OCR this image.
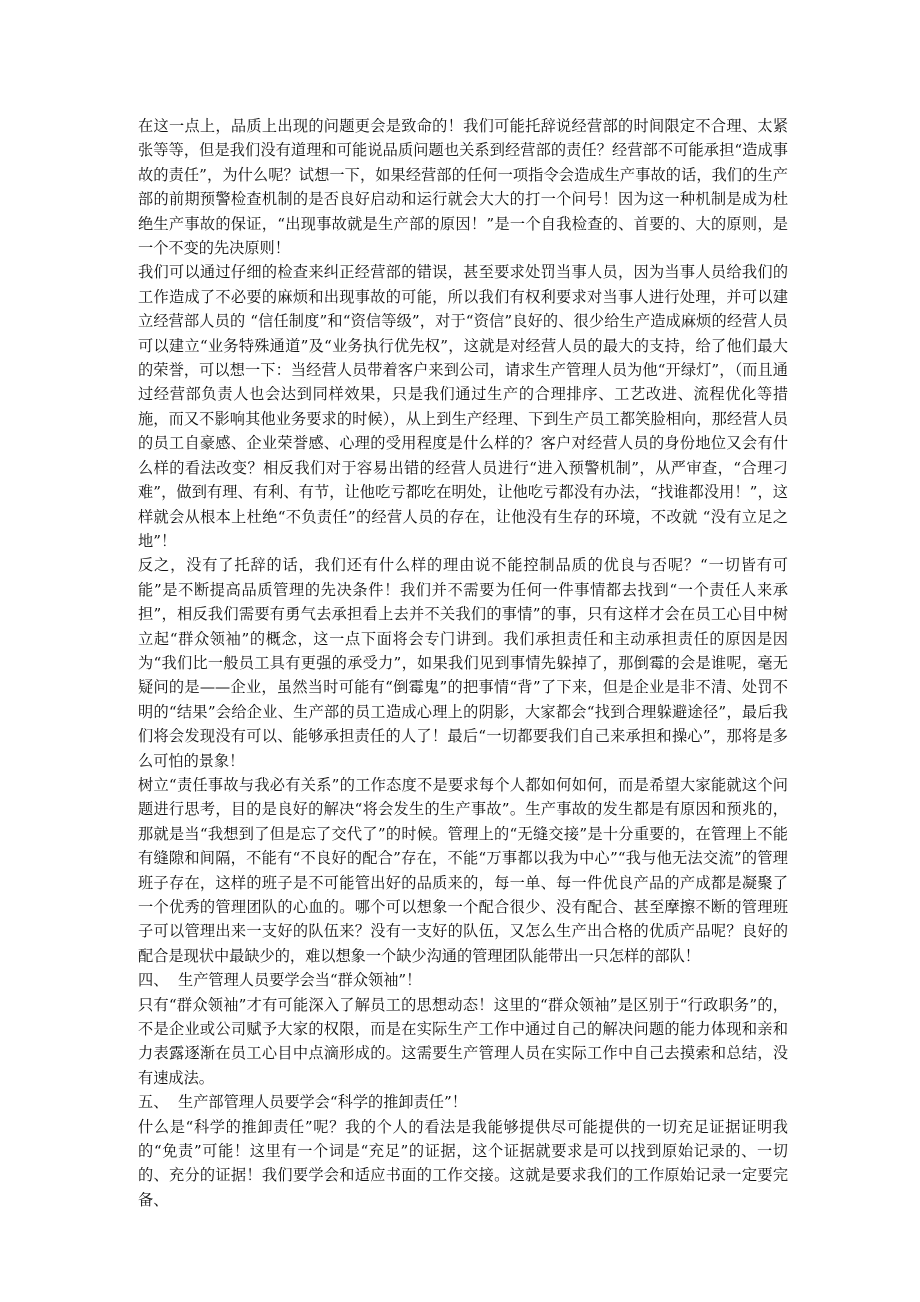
在这一点上，品质上出现的问题更会是致命的！我们可能托辞说经营部的时间限定不合理、太紧张等等，但是我们没有道理和可能说品质问题也关系到经营部的责任？经营部不可能承担“造成事故的责任”，为什么呢？试想一下，如果经营部的任何一项指令会造成生产事故的话，我们的生产部的前期预警检查机制的是否良好启动和运行就会大大的打一个问号！因为这一种机制是成为杜绝生产事故的保证，“出现事故就是生产部的原因！”是一个自我检查的、首要的、大的原则，是一个不变的先决原则！

我们可以通过仔细的检查来纠正经营部的错误，甚至要求处罚当事人员，因为当事人员给我们的工作造成了不必要的麻烦和出现事故的可能，所以我们有权利要求对当事人进行处理，并可以建立经营部人员的 “信任制度”和“资信等级”，对于“资信”良好的、很少给生产造成麻烦的经营人员可以建立“业务特殊通道”及“业务执行优先权”，这就是对经营人员的最大的支持，给了他们最大的荣誉，可以想一下：当经营人员带着客户来到公司，请求生产管理人员为他“开绿灯”，（而且通过经营部负责人也会达到同样效果，只是我们通过生产的合理排序、工艺改进、流程优化等措施，而又不影响其他业务要求的时候），从上到生产经理、下到生产员工都笑脸相向，那经营人员的员工自豪感、企业荣誉感、心理的受用程度是什么样的？客户对经营人员的身份地位又会有什么样的看法改变？相反我们对于容易出错的经营人员进行“进入预警机制”，从严审查，“合理刁难”，做到有理、有利、有节，让他吃亏都吃在明处，让他吃亏都没有办法，“找谁都没用！”，这样就会从根本上杜绝“不负责任”的经营人员的存在，让他没有生存的环境，不改就 “没有立足之地”！

反之，没有了托辞的话，我们还有什么样的理由说不能控制品质的优良与否呢？“一切皆有可能”是不断提高品质管理的先决条件！我们并不需要为任何一件事情都去找到“一个责任人来承担”，相反我们需要有勇气去承担看上去并不关我们的事情”的事，只有这样才会在员工心目中树立起“群众领袖”的概念，这一点下面将会专门讲到。我们承担责任和主动承担责任的原因是因为“我们比一般员工具有更强的承受力”，如果我们见到事情先躲掉了，那倒霉的会是谁呢，毫无疑问的是——企业，虽然当时可能有“倒霉鬼”的把事情“背”了下来，但是企业是非不清、处罚不明的“结果”会给企业、生产部的员工造成心理上的阴影，大家都会“找到合理躲避途径”，最后我们将会发现没有可以、能够承担责任的人了！最后“一切都要我们自己来承担和操心”，那将是多么可怕的景象！

树立“责任事故与我必有关系”的工作态度不是要求每个人都如何如何，而是希望大家能就这个问题进行思考，目的是良好的解决“将会发生的生产事故”。生产事故的发生都是有原因和预兆的，那就是当“我想到了但是忘了交代了”的时候。管理上的“无缝交接”是十分重要的，在管理上不能有缝隙和间隔，不能有“不良好的配合”存在，不能“万事都以我为中心”“我与他无法交流”的管理班子存在，这样的班子是不可能管出好的品质来的，每一单、每一件优良产品的产成都是凝聚了一个优秀的管理团队的心血的。哪个可以想象一个配合很少、没有配合、甚至摩擦不断的管理班子可以管理出来一支好的队伍来？没有一支好的队伍，又怎么生产出合格的优质产品呢？良好的配合是现状中最缺少的，难以想象一个缺少沟通的管理团队能带出一只怎样的部队！

四、  生产管理人员要学会当“群众领袖”！

只有“群众领袖”才有可能深入了解员工的思想动态！这里的“群众领袖”是区别于“行政职务”的，不是企业或公司赋予大家的权限，而是在实际生产工作中通过自己的解决问题的能力体现和亲和力表露逐渐在员工心目中点滴形成的。这需要生产管理人员在实际工作中自己去摸索和总结，没有速成法。

五、  生产部管理人员要学会“科学的推卸责任”！

什么是“科学的推卸责任”呢？我的个人的看法是我能够提供尽可能提供的一切充足证据证明我的“免责”可能！这里有一个词是“充足”的证据，这个证据就要求是可以找到原始记录的、一切的、充分的证据！我们要学会和适应书面的工作交接。这就是要求我们的工作原始记录一定要完备、
